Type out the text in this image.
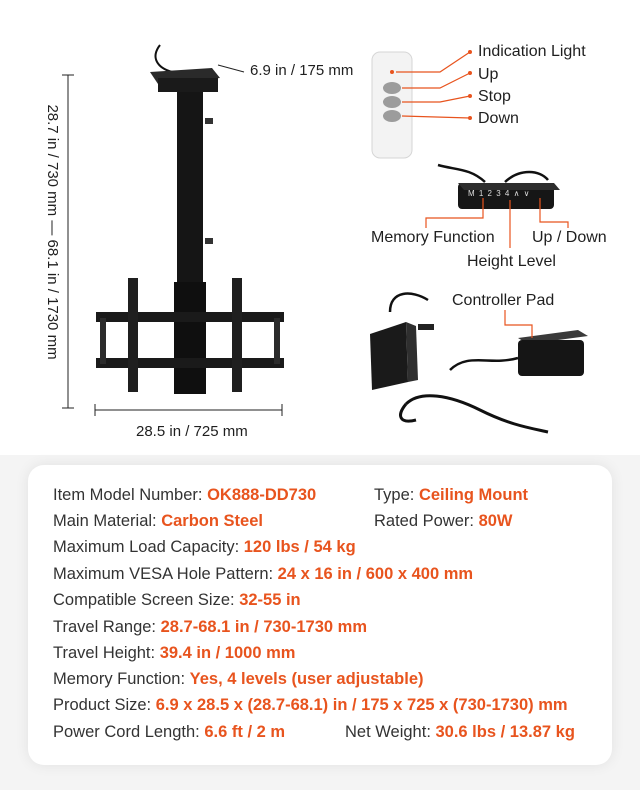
6.9 in / 175 mm
28.7 in / 730 mm — 68.1 in / 1730 mm
28.5 in / 725 mm
Indication Light
Up
Stop
Down
M 1 2 3 4 ∧ ∨
Memory Function
Height Level
Up / Down
Controller Pad
Item Model Number: OK888-DD730	Type: Ceiling Mount
Main Material: Carbon Steel	Rated Power: 80W
Maximum Load Capacity: 120 lbs / 54 kg
Maximum VESA Hole Pattern: 24 x 16 in / 600 x 400 mm
Compatible Screen Size: 32-55 in
Travel Range: 28.7-68.1 in / 730-1730 mm
Travel Height: 39.4 in / 1000 mm
Memory Function: Yes, 4 levels (user adjustable)
Product Size: 6.9 x 28.5 x (28.7-68.1) in / 175 x 725 x (730-1730) mm
Power Cord Length: 6.6 ft / 2 m	Net Weight: 30.6 lbs / 13.87 kg
